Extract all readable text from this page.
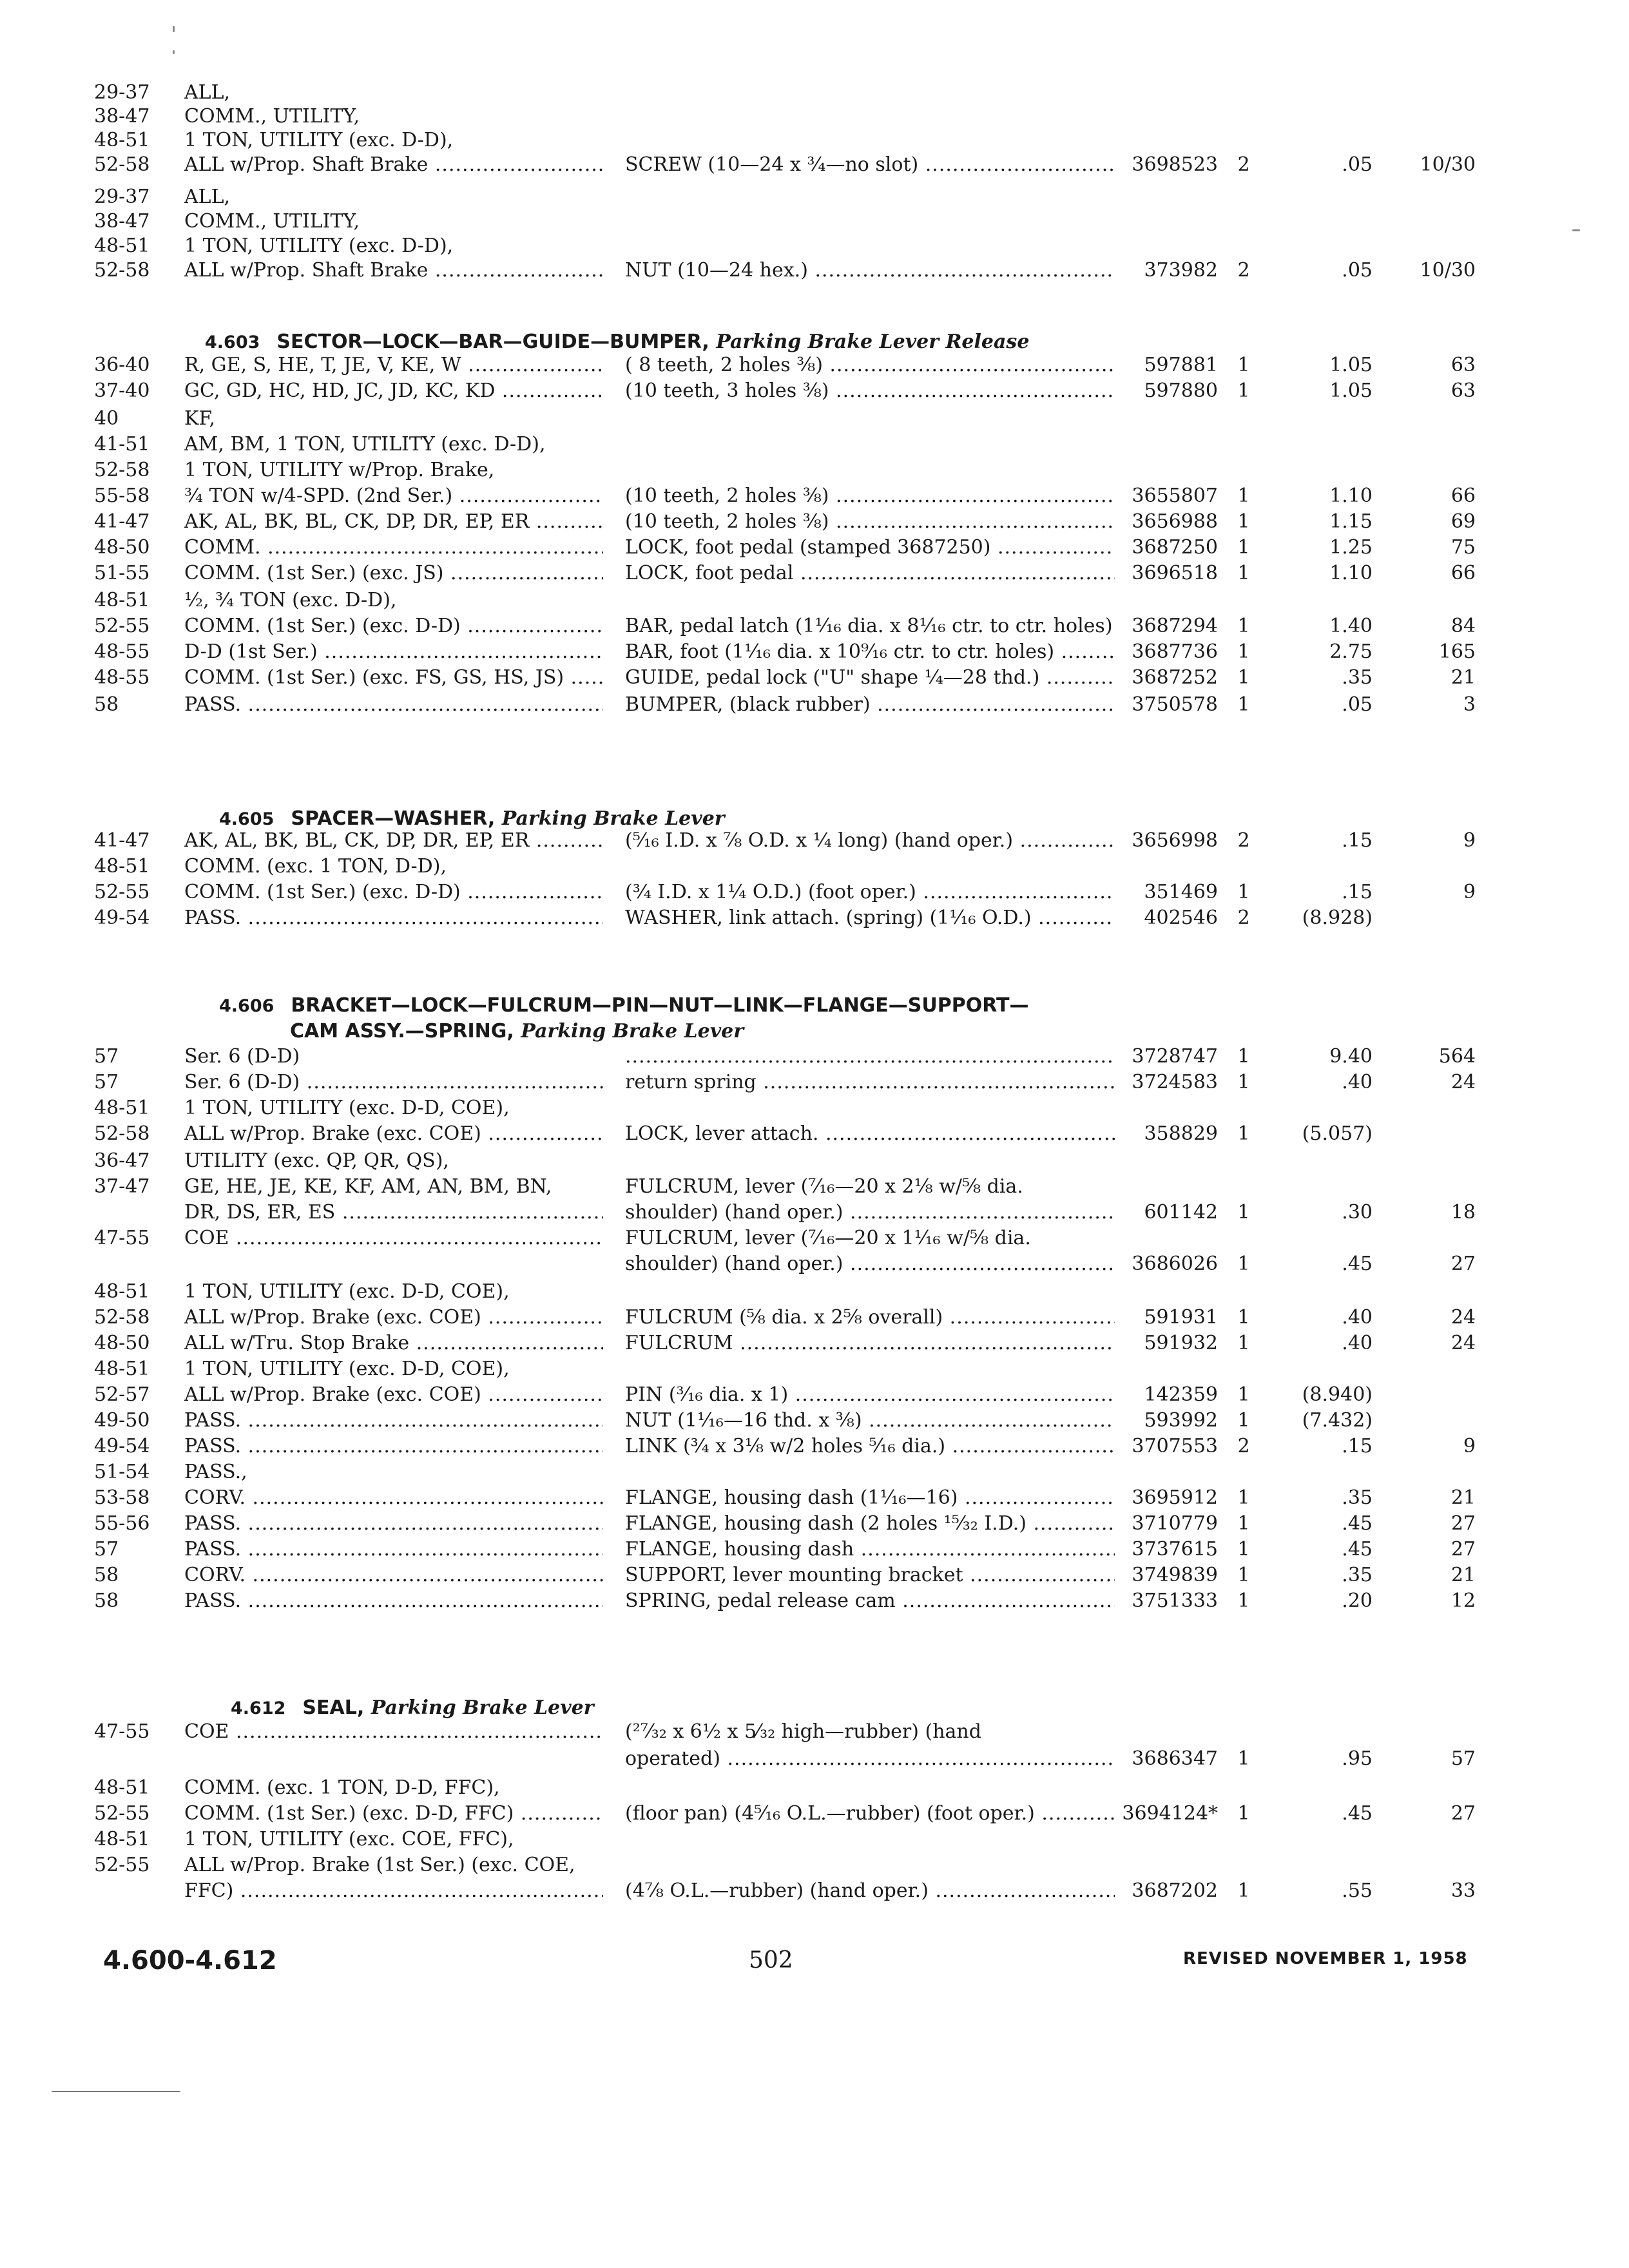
29-37	ALL,
38-47	COMM., UTILITY,
48-51	1 TON, UTILITY (exc. D-D),
52-58	ALL w/Prop. Shaft Brake .....	SCREW (10—24 x ¾—no slot) .....	3698523	2	.05	10/30
29-37	ALL,
38-47	COMM., UTILITY,
48-51	1 TON, UTILITY (exc. D-D),
52-58	ALL w/Prop. Shaft Brake .....	NUT (10—24 hex.) .....	373982	2	.05	10/30
4.603 SECTOR—LOCK—BAR—GUIDE—BUMPER, Parking Brake Lever Release
36-40	R, GE, S, HE, T, JE, V, KE, W .....	( 8 teeth, 2 holes ⅜) .....	597881	1	1.05	63
37-40	GC, GD, HC, HD, JC, JD, KC, KD .....	(10 teeth, 3 holes ⅜) .....	597880	1	1.05	63
40	KF,
41-51	AM, BM, 1 TON, UTILITY (exc. D-D),
52-58	1 TON, UTILITY w/Prop. Brake,
55-58	¾ TON w/4-SPD. (2nd Ser.) .....	(10 teeth, 2 holes ⅜) .....	3655807	1	1.10	66
41-47	AK, AL, BK, BL, CK, DP, DR, EP, ER .....	(10 teeth, 2 holes ⅜) .....	3656988	1	1.15	69
48-50	COMM. .....	LOCK, foot pedal (stamped 3687250) .....	3687250	1	1.25	75
51-55	COMM. (1st Ser.) (exc. JS) .....	LOCK, foot pedal .....	3696518	1	1.10	66
48-51	½, ¾ TON (exc. D-D),
52-55	COMM. (1st Ser.) (exc. D-D) .....	BAR, pedal latch (1⅟₁₆ dia. x 8⅟₁₆ ctr. to ctr. holes) ..... 3687294	1	1.40	84
48-55	D-D (1st Ser.) .....	BAR, foot (1⅟₁₆ dia. x 10⁹⁄₁₆ ctr. to ctr. holes) .....	3687736	1	2.75	165
48-55	COMM. (1st Ser.) (exc. FS, GS, HS, JS) .....	GUIDE, pedal lock ("U" shape ¼—28 thd.) .....	3687252	1	.35	21
58	PASS. .....	BUMPER, (black rubber) .....	3750578	1	.05	3
4.605 SPACER—WASHER, Parking Brake Lever
41-47	AK, AL, BK, BL, CK, DP, DR, EP, ER .....	(⁵⁄₁₆ I.D. x ⅞ O.D. x ¼ long) (hand oper.) .....	3656998	2	.15	9
48-51	COMM. (exc. 1 TON, D-D),
52-55	COMM. (1st Ser.) (exc. D-D) .....	(¾ I.D. x 1¼ O.D.) (foot oper.) .....	351469	1	.15	9
49-54	PASS. .....	WASHER, link attach. (spring) (1⅟₁₆ O.D.) .....	402546	2	(8.928)
4.606 BRACKET—LOCK—FULCRUM—PIN—NUT—LINK—FLANGE—SUPPORT—
CAM ASSY.—SPRING, Parking Brake Lever
57	Ser. 6 (D-D)
.....	3728747	1	9.40	564
57	Ser. 6 (D-D) .....	return spring .....	3724583	1	.40	24
48-51	1 TON, UTILITY (exc. D-D, COE),
52-58	ALL w/Prop. Brake (exc. COE) .....	LOCK, lever attach. .....	358829	1	(5.057)
36-47	UTILITY (exc. QP, QR, QS),
37-47	GE, HE, JE, KE, KF, AM, AN, BM, BN,	FULCRUM, lever (⁷⁄₁₆—20 x 2⅛ w/⅝ dia.
DR, DS, ER, ES .....	shoulder) (hand oper.) .....	601142	1	.30	18
47-55	COE .....	FULCRUM, lever (⁷⁄₁₆—20 x 1⅟₁₆ w/⅝ dia.
shoulder) (hand oper.) .....	3686026	1	.45	27
48-51	1 TON, UTILITY (exc. D-D, COE),
52-58	ALL w/Prop. Brake (exc. COE) .....	FULCRUM (⅝ dia. x 2⅝ overall) .....	591931	1	.40	24
48-50	ALL w/Tru. Stop Brake .....	FULCRUM .....	591932	1	.40	24
48-51	1 TON, UTILITY (exc. D-D, COE),
52-57	ALL w/Prop. Brake (exc. COE) .....	PIN (³⁄₁₆ dia. x 1) .....	142359	1	(8.940)
49-50	PASS. .....	NUT (1⅟₁₆—16 thd. x ⅜) .....	593992	1	(7.432)
49-54	PASS. .....	LINK (¾ x 3⅛ w/2 holes ⁵⁄₁₆ dia.) .....	3707553	2	.15	9
51-54	PASS.,
53-58	CORV. .....	FLANGE, housing dash (1⅟₁₆—16) .....	3695912	1	.35	21
55-56	PASS. .....	FLANGE, housing dash (2 holes ¹⁵⁄₃₂ I.D.) .....	3710779	1	.45	27
57	PASS. .....	FLANGE, housing dash .....	3737615	1	.45	27
58	CORV. .....	SUPPORT, lever mounting bracket .....	3749839	1	.35	21
58	PASS. .....	SPRING, pedal release cam .....	3751333	1	.20	12
4.612 SEAL, Parking Brake Lever
47-55	COE .....	(²⁷⁄₃₂ x 6½ x 5⁄₃₂ high—rubber) (hand
operated) .....	3686347	1	.95	57
48-51	COMM. (exc. 1 TON, D-D, FFC),
52-55	COMM. (1st Ser.) (exc. D-D, FFC) .....	(floor pan) (4⁵⁄₁₆ O.L.—rubber) (foot oper.) .....	3694124*	1	.45	27
48-51	1 TON, UTILITY (exc. COE, FFC),
52-55	ALL w/Prop. Brake (1st Ser.) (exc. COE,
FFC) .....	(4⅞ O.L.—rubber) (hand oper.) .....	3687202	1	.55	33
4.600-4.612	502	REVISED NOVEMBER 1, 1958
